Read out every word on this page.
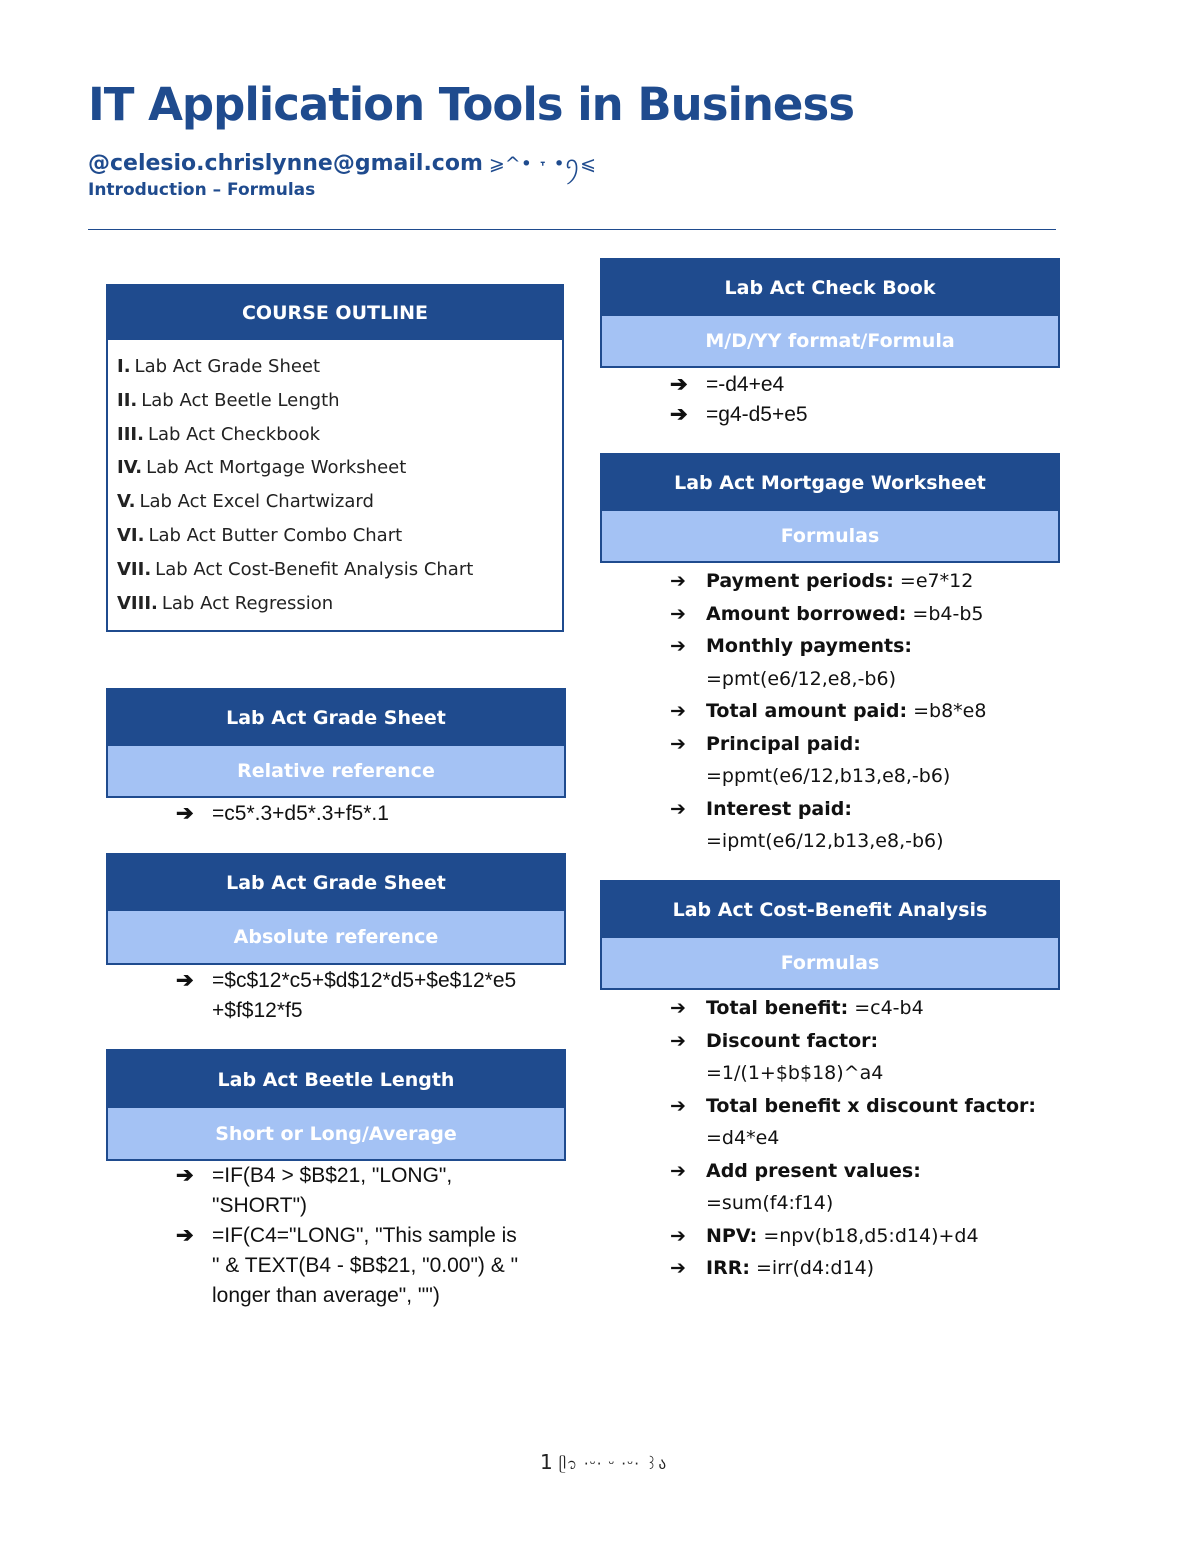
IT Application Tools in Business
@celesio.chrislynne@gmail.com ⩾^• ˕ •ꪆ⩽
Introduction – Formulas
COURSE OUTLINE
I. Lab Act Grade Sheet
II. Lab Act Beetle Length
III. Lab Act Checkbook
IV. Lab Act Mortgage Worksheet
V. Lab Act Excel Chartwizard
VI. Lab Act Butter Combo Chart
VII. Lab Act Cost-Benefit Analysis Chart
VIII. Lab Act Regression
Lab Act Grade Sheet
Relative reference
➔ =c5*.3+d5*.3+f5*.1
Lab Act Grade Sheet
Absolute reference
➔ =$c$12*c5+$d$12*d5+$e$12*e5
+$f$12*f5
Lab Act Beetle Length
Short or Long/Average
➔ =IF(B4 > $B$21, "LONG",
"SHORT")
➔ =IF(C4="LONG", "This sample is
" & TEXT(B4 - $B$21, "0.00") & "
longer than average", "")
Lab Act Check Book
M/D/YY format/Formula
➔ =-d4+e4
➔ =g4-d5+e5
Lab Act Mortgage Worksheet
Formulas
➔ Payment periods: =e7*12
➔ Amount borrowed: =b4-b5
➔ Monthly payments:
=pmt(e6/12,e8,-b6)
➔ Total amount paid: =b8*e8
➔ Principal paid:
=ppmt(e6/12,b13,e8,-b6)
➔ Interest paid:
=ipmt(e6/12,b13,e8,-b6)
Lab Act Cost-Benefit Analysis
Formulas
➔ Total benefit: =c4-b4
➔ Discount factor:
=1/(1+$b$18)^a4
➔ Total benefit x discount factor:
=d4*e4
➔ Add present values:
=sum(f4:f14)
➔ NPV: =npv(b18,d5:d14)+d4
➔ IRR: =irr(d4:d14)
1 ᥫ᭡ ·ᵕ· ᵕ ·ᵕ· ꒱ა
